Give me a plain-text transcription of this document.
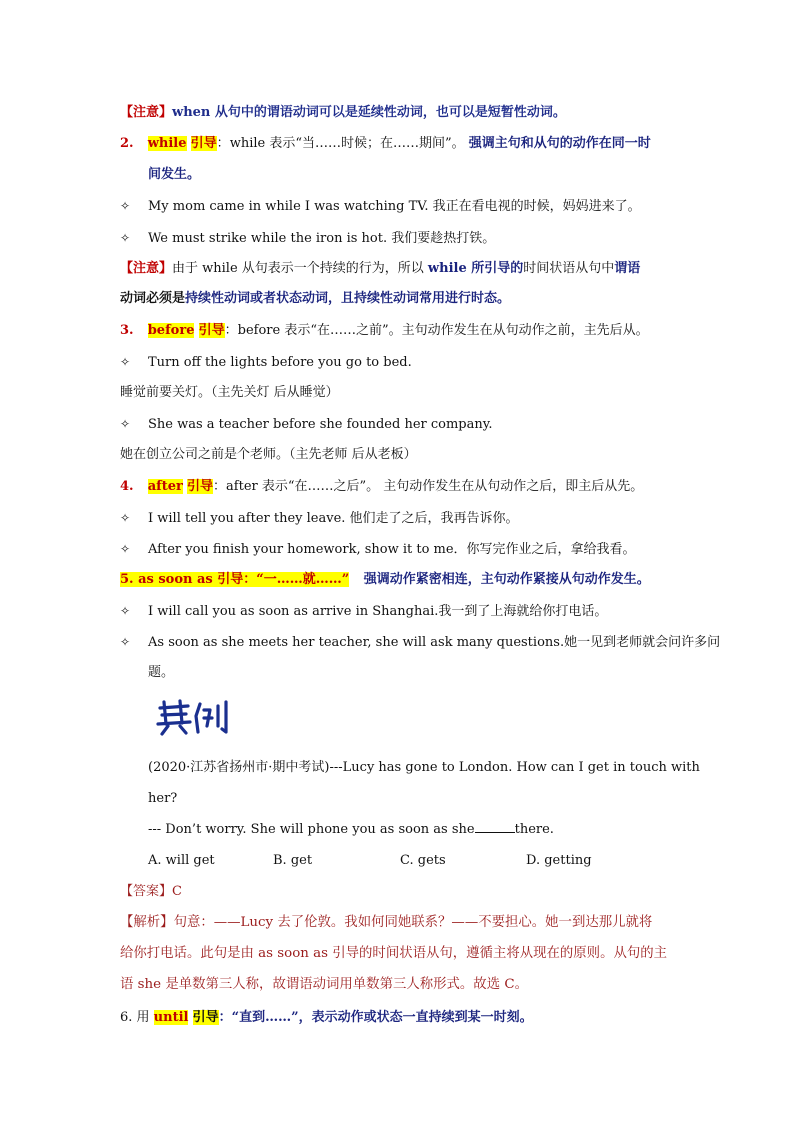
【注意】when 从句中的谓语动词可以是延续性动词，也可以是短暂性动词。
2. while 引导：while 表示“当……时候；在……期间”。 强调主句和从句的动作在同一时
间发生。
✧ My mom came in while I was watching TV. 我正在看电视的时候，妈妈进来了。
✧ We must strike while the iron is hot. 我们要趁热打铁。
【注意】由于 while 从句表示一个持续的行为，所以 while 所引导的时间状语从句中谓语
动词必须是持续性动词或者状态动词，且持续性动词常用进行时态。
3. before 引导：before 表示“在……之前”。主句动作发生在从句动作之前，主先后从。
✧ Turn off the lights before you go to bed.
睡觉前要关灯。（主先关灯 后从睡觉）
✧ She was a teacher before she founded her company.
她在创立公司之前是个老师。（主先老师 后从老板）
4. after 引导：after 表示“在……之后”。 主句动作发生在从句动作之后，即主后从先。
✧ I will tell you after they leave. 他们走了之后，我再告诉你。
✧ After you finish your homework, show it to me．你写完作业之后，拿给我看。
5. as soon as 引导：“一……就……” 强调动作紧密相连，主句动作紧接从句动作发生。
✧ I will call you as soon as arrive in Shanghai.我一到了上海就给你打电话。
✧ As soon as she meets her teacher, she will ask many questions.她一见到老师就会问许多问
题。
(2020·江苏省扬州市·期中考试)---Lucy has gone to London. How can I get in touch with
her?
--- Don’t worry. She will phone you as soon as she	there.
A. will get	B. get	C. gets	D. getting
【答案】C
【解析】句意：——Lucy 去了伦敦。我如何同她联系？——不要担心。她一到达那儿就将
给你打电话。此句是由 as soon as 引导的时间状语从句，遵循主将从现在的原则。从句的主
语 she 是单数第三人称，故谓语动词用单数第三人称形式。故选 C。
6. 用 until 引导：“直到……”，表示动作或状态一直持续到某一时刻。
